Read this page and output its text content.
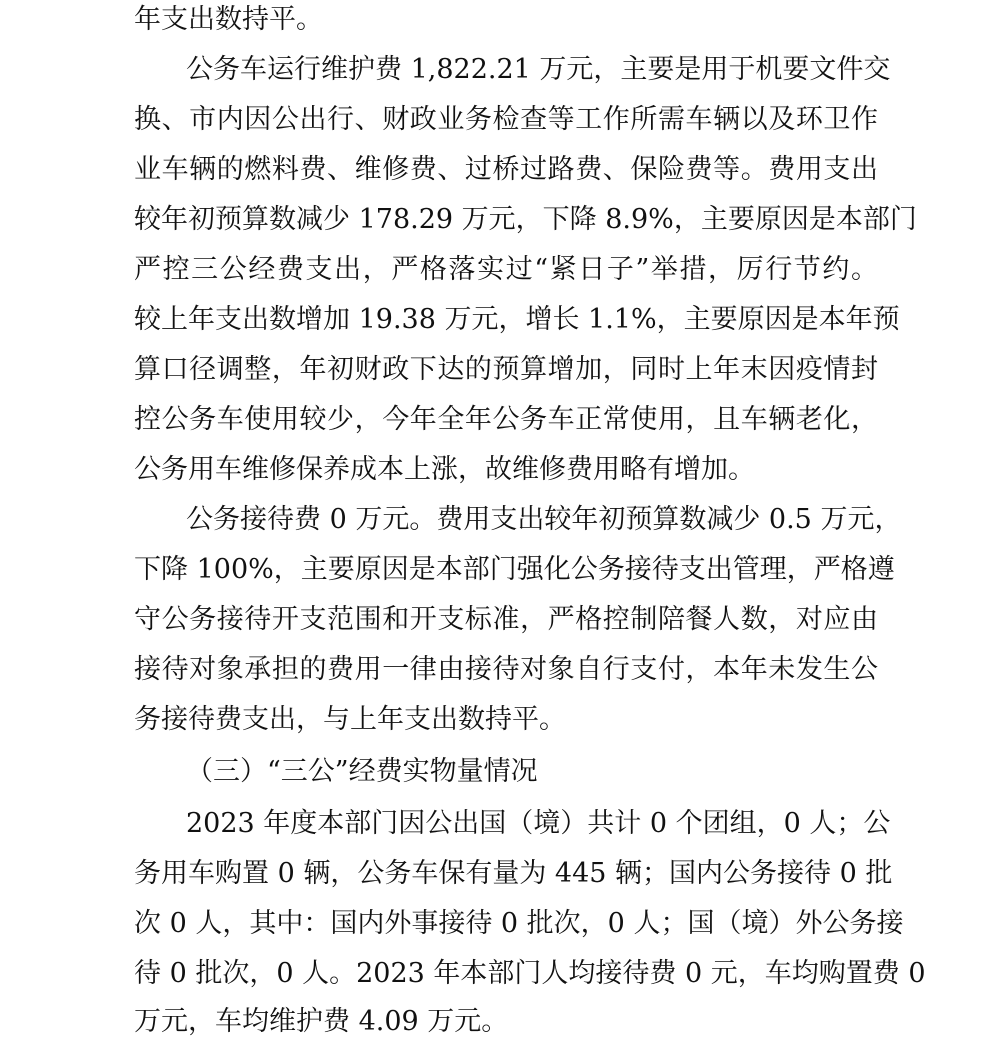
年支出数持平。
公务车运行维护费 1,822.21 万元，主要是用于机要文件交
换、市内因公出行、财政业务检查等工作所需车辆以及环卫作
业车辆的燃料费、维修费、过桥过路费、保险费等。费用支出
较年初预算数减少 178.29 万元，下降 8.9%，主要原因是本部门
严控三公经费支出，严格落实过“紧日子”举措，厉行节约。
较上年支出数增加 19.38 万元，增长 1.1%，主要原因是本年预
算口径调整，年初财政下达的预算增加，同时上年末因疫情封
控公务车使用较少，今年全年公务车正常使用，且车辆老化，
公务用车维修保养成本上涨，故维修费用略有增加。
公务接待费 0 万元。费用支出较年初预算数减少 0.5 万元，
下降 100%，主要原因是本部门强化公务接待支出管理，严格遵
守公务接待开支范围和开支标准，严格控制陪餐人数，对应由
接待对象承担的费用一律由接待对象自行支付，本年未发生公
务接待费支出，与上年支出数持平。
（三）“三公”经费实物量情况
2023 年度本部门因公出国（境）共计 0 个团组，0 人；公
务用车购置 0 辆，公务车保有量为 445 辆；国内公务接待 0 批
次 0 人，其中：国内外事接待 0 批次，0 人；国（境）外公务接
待 0 批次，0 人。2023 年本部门人均接待费 0 元，车均购置费 0
万元，车均维护费 4.09 万元。
